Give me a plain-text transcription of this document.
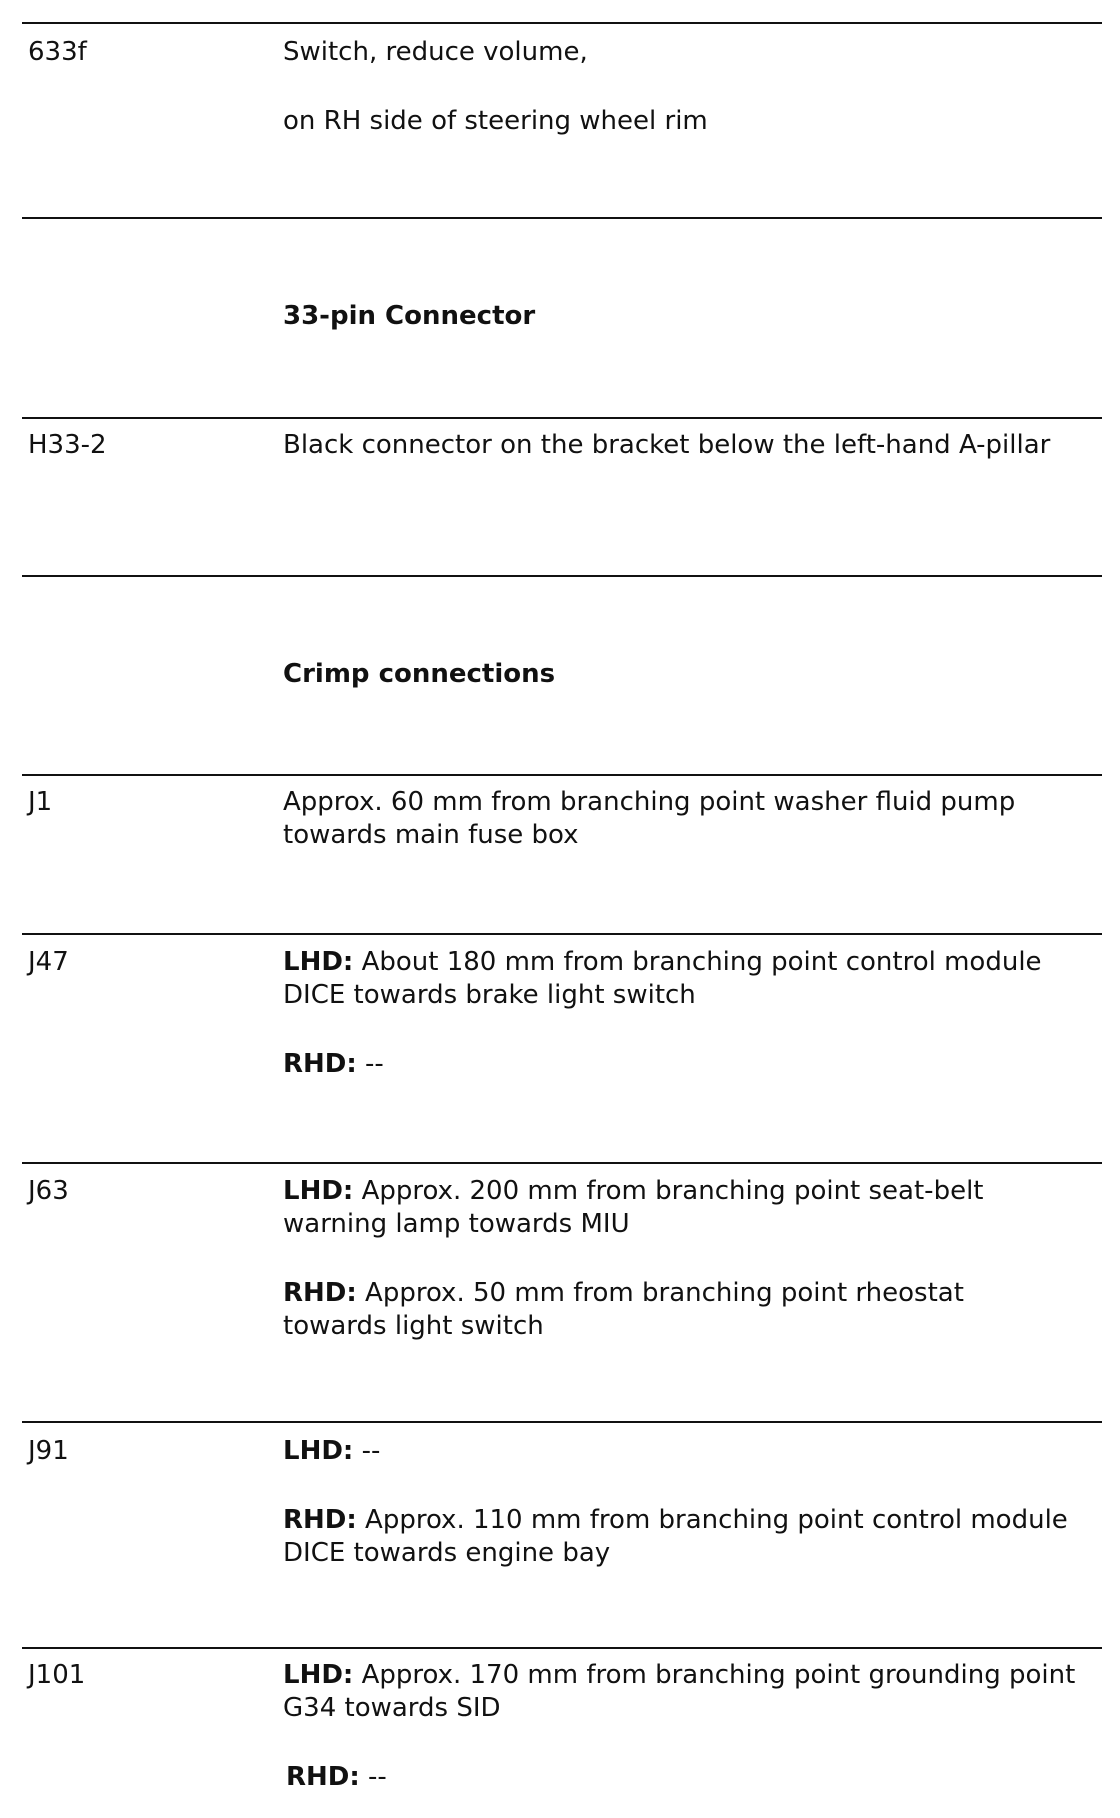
633f	Switch, reduce volume,
on RH side of steering wheel rim
33-pin Connector
H33-2	Black connector on the bracket below the left-hand A-pillar
Crimp connections
J1	Approx. 60 mm from branching point washer fluid pump towards main fuse box
J47	LHD: About 180 mm from branching point control module DICE towards brake light switch
RHD: --
J63	LHD: Approx. 200 mm from branching point seat-belt warning lamp towards MIU
RHD: Approx. 50 mm from branching point rheostat towards light switch
J91	LHD: --
RHD: Approx. 110 mm from branching point control module DICE towards engine bay
J101	LHD: Approx. 170 mm from branching point grounding point G34 towards SID
RHD: --
